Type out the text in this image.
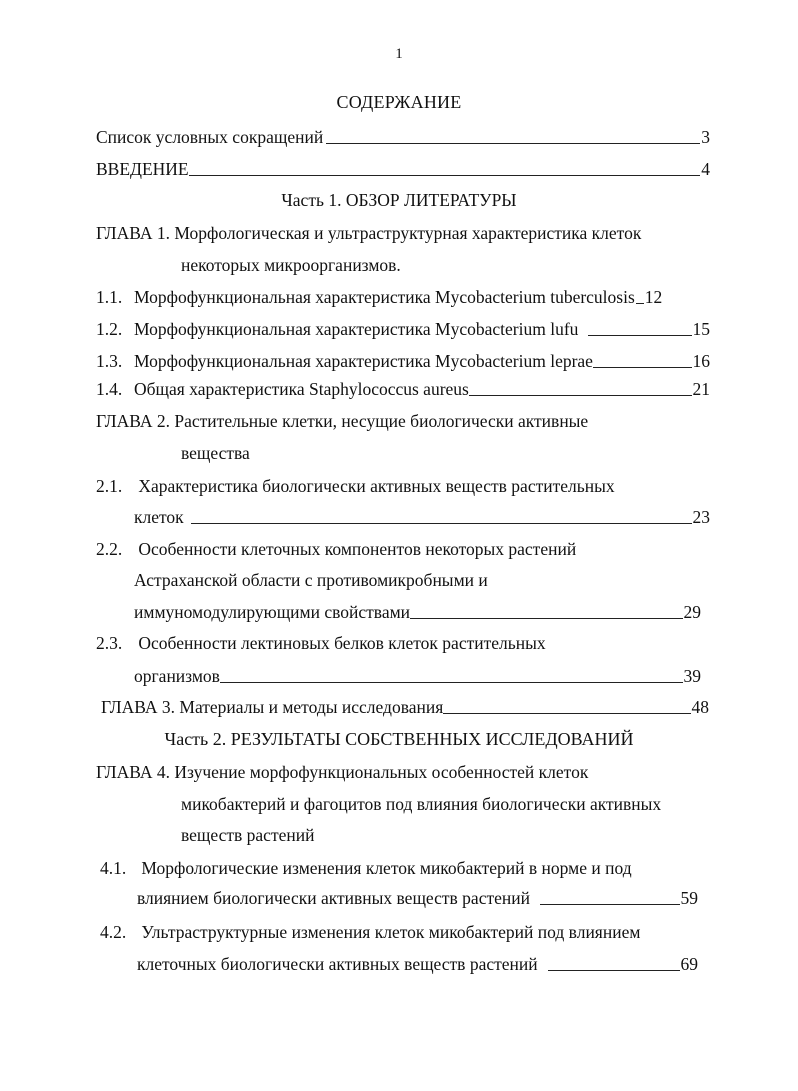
1
СОДЕРЖАНИЕ
Список условных сокращений	3
ВВЕДЕНИЕ	4
Часть 1. ОБЗОР ЛИТЕРАТУРЫ
ГЛАВА 1. Морфологическая и ультраструктурная характеристика клеток
некоторых микроорганизмов.
1.1. Морфофункциональная характеристика Mycobacterium tuberculosis 12
1.2. Морфофункциональная характеристика Mycobacterium lufu	15
1.3. Морфофункциональная характеристика Mycobacterium leprae	16
1.4. Общая характеристика Staphylococcus aureus	21
ГЛАВА 2. Растительные клетки, несущие биологически активные
вещества
2.1. Характеристика биологически активных веществ растительных
клеток	23
2.2. Особенности клеточных компонентов некоторых растений
Астраханской области с противомикробными и
иммуномодулирующими свойствами	29
2.3. Особенности лектиновых белков клеток растительных
организмов	39
ГЛАВА 3. Материалы и методы исследования	48
Часть 2. РЕЗУЛЬТАТЫ СОБСТВЕННЫХ ИССЛЕДОВАНИЙ
ГЛАВА 4. Изучение морфофункциональных особенностей клеток
микобактерий и фагоцитов под влияния биологически активных
веществ растений
4.1. Морфологические изменения клеток микобактерий в норме и под
влиянием биологически активных веществ растений	59
4.2. Ультраструктурные изменения клеток микобактерий под влиянием
клеточных биологически активных веществ растений	69
